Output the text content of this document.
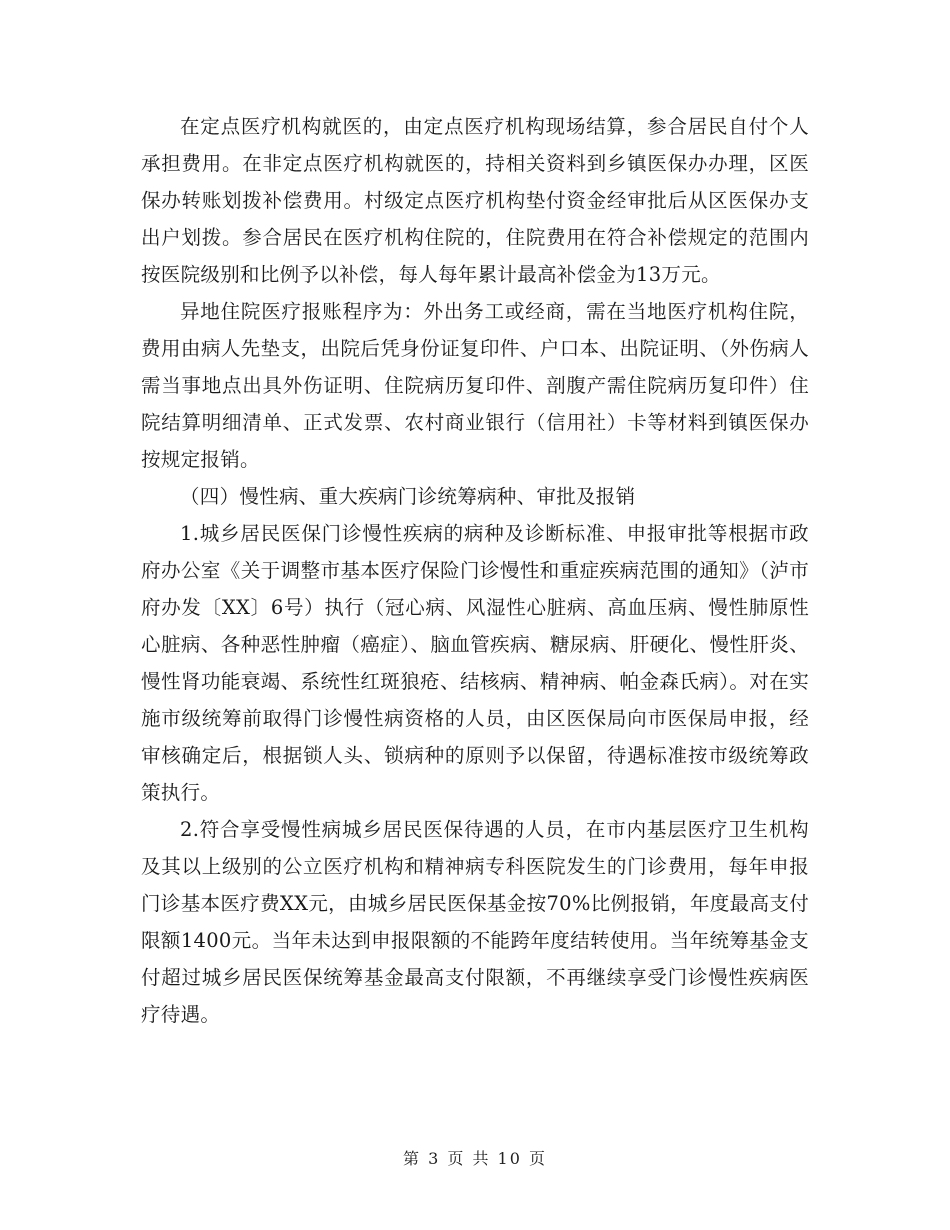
在定点医疗机构就医的，由定点医疗机构现场结算，参合居民自付个人承担费用。在非定点医疗机构就医的，持相关资料到乡镇医保办办理，区医保办转账划拨补偿费用。村级定点医疗机构垫付资金经审批后从区医保办支出户划拨。参合居民在医疗机构住院的，住院费用在符合补偿规定的范围内按医院级别和比例予以补偿，每人每年累计最高补偿金为13万元。

异地住院医疗报账程序为：外出务工或经商，需在当地医疗机构住院，费用由病人先垫支，出院后凭身份证复印件、户口本、出院证明、（外伤病人需当事地点出具外伤证明、住院病历复印件、剖腹产需住院病历复印件）住院结算明细清单、正式发票、农村商业银行（信用社）卡等材料到镇医保办按规定报销。

（四）慢性病、重大疾病门诊统筹病种、审批及报销

1.城乡居民医保门诊慢性疾病的病种及诊断标准、申报审批等根据市政府办公室《关于调整市基本医疗保险门诊慢性和重症疾病范围的通知》（泸市府办发〔XX〕6号）执行（冠心病、风湿性心脏病、高血压病、慢性肺原性心脏病、各种恶性肿瘤（癌症）、脑血管疾病、糖尿病、肝硬化、慢性肝炎、慢性肾功能衰竭、系统性红斑狼疮、结核病、精神病、帕金森氏病）。对在实施市级统筹前取得门诊慢性病资格的人员，由区医保局向市医保局申报，经审核确定后，根据锁人头、锁病种的原则予以保留，待遇标准按市级统筹政策执行。

2.符合享受慢性病城乡居民医保待遇的人员，在市内基层医疗卫生机构及其以上级别的公立医疗机构和精神病专科医院发生的门诊费用，每年申报门诊基本医疗费XX元，由城乡居民医保基金按70%比例报销，年度最高支付限额1400元。当年未达到申报限额的不能跨年度结转使用。当年统筹基金支付超过城乡居民医保统筹基金最高支付限额，不再继续享受门诊慢性疾病医疗待遇。

第 3 页 共 10 页
